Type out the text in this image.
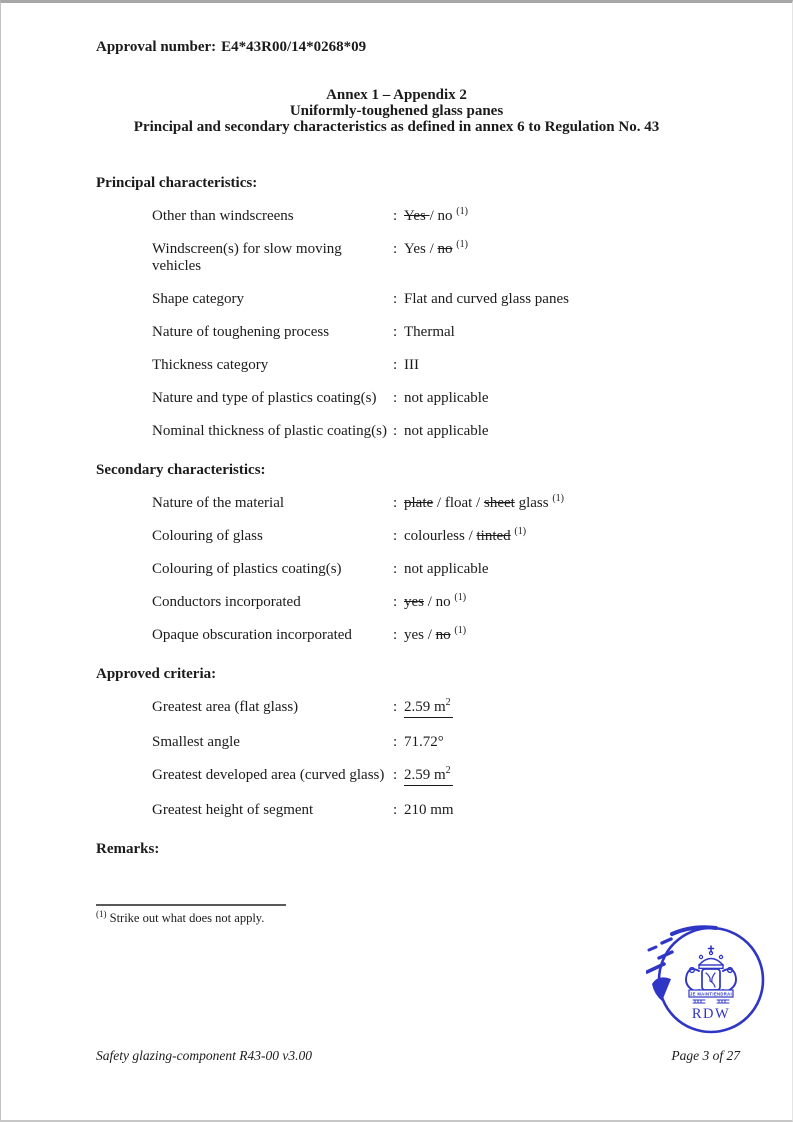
Approval number: E4*43R00/14*0268*09
Annex 1 – Appendix 2
Uniformly-toughened glass panes
Principal and secondary characteristics as defined in annex 6 to Regulation No. 43
Principal characteristics:
Other than windscreens	: Yes / no $^{(1)}$
Windscreen(s) for slow moving vehicles
: Yes / no $^{(1)}$
Shape category	: Flat and curved glass panes
Nature of toughening process	: Thermal
Thickness category	: III
Nature and type of plastics coating(s)	: not applicable
Nominal thickness of plastic coating(s) : not applicable
Secondary characteristics:
Nature of the material	: plate / float / sheet glass $^{(1)}$
Colouring of glass	: colourless / tinted $^{(1)}$
Colouring of plastics coating(s)	: not applicable
Conductors incorporated	: yes / no $^{(1)}$
Opaque obscuration incorporated	: yes / no $^{(1)}$
Approved criteria:
Greatest area (flat glass)	: 2.59 $m^2$
Smallest angle	: 71.72°
Greatest developed area (curved glass) : 2.59 $m^2$
Greatest height of segment	: 210 mm
Remarks:
$^{(1)}$ Strike out what does not apply.
JE MAINTIENDRAI
RDW
Safety glazing-component R43-00 v3.00	Page 3 of 27
